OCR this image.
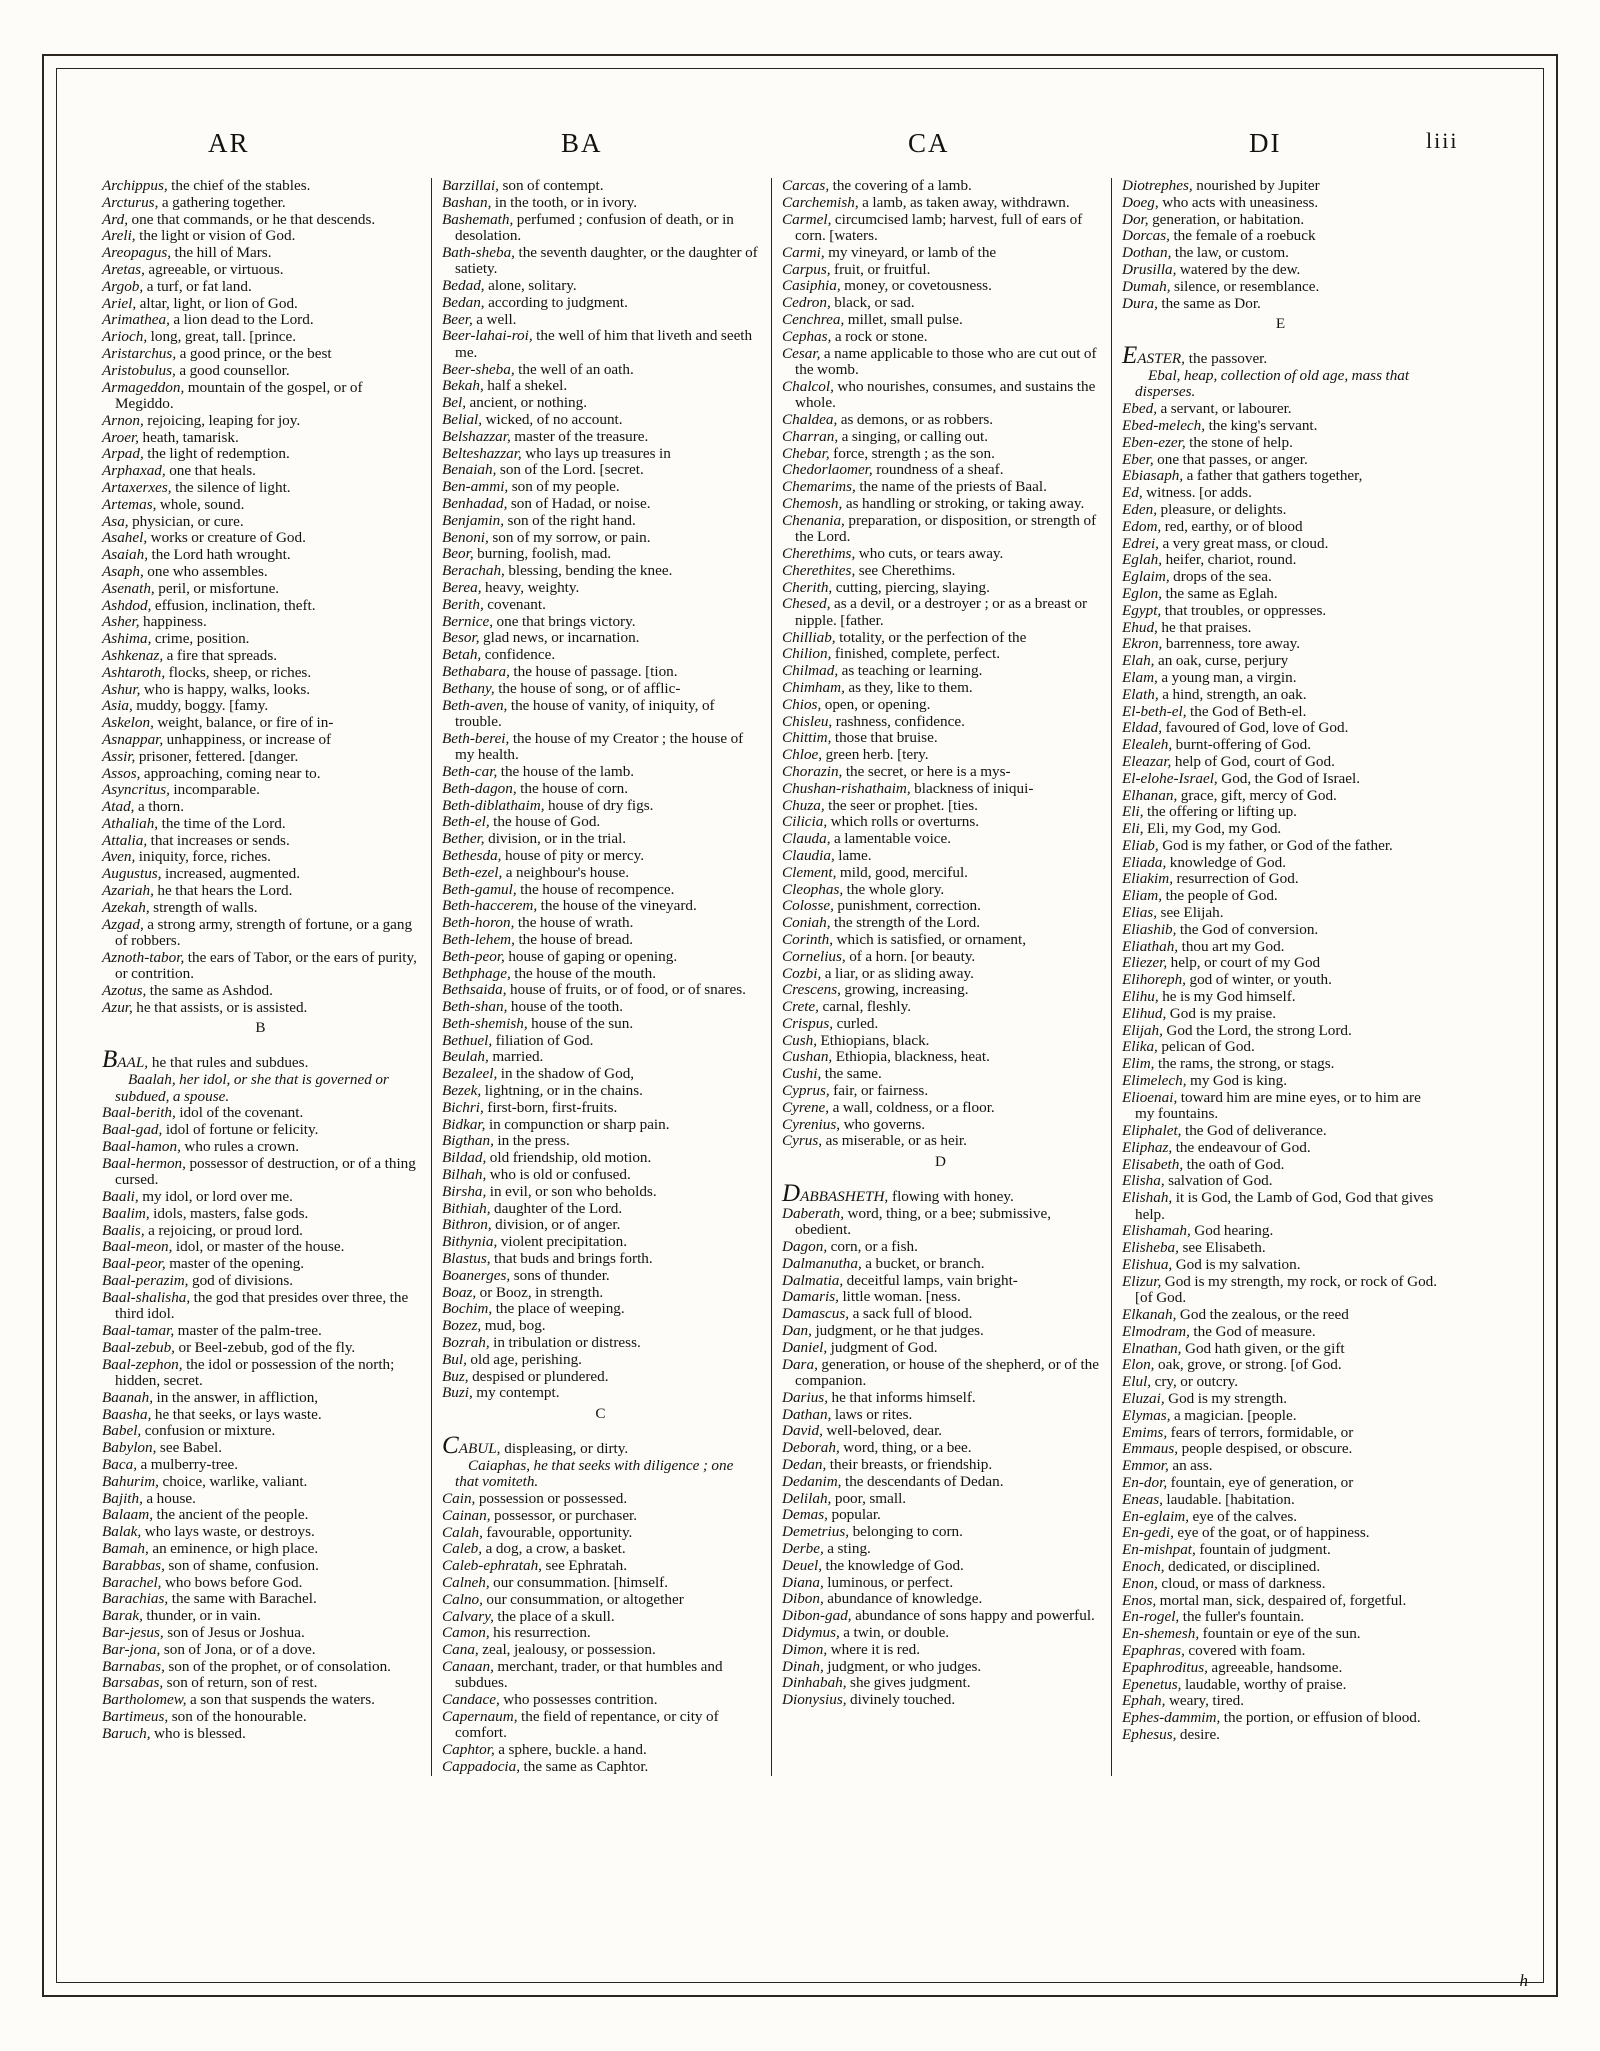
AR	BA	CA	DI	liii

Archippus, the chief of the stables.

Arcturus, a gathering together.

Ard, one that commands, or he that descends.

Areli, the light or vision of God.

Areopagus, the hill of Mars.

Aretas, agreeable, or virtuous.

Argob, a turf, or fat land.

Ariel, altar, light, or lion of God.

Arimathea, a lion dead to the Lord.

Arioch, long, great, tall. [prince.

Aristarchus, a good prince, or the best

Aristobulus, a good counsellor.

Armageddon, mountain of the gospel, or of Megiddo.

Arnon, rejoicing, leaping for joy.

Aroer, heath, tamarisk.

Arpad, the light of redemption.

Arphaxad, one that heals.

Artaxerxes, the silence of light.

Artemas, whole, sound.

Asa, physician, or cure.

Asahel, works or creature of God.

Asaiah, the Lord hath wrought.

Asaph, one who assembles.

Asenath, peril, or misfortune.

Ashdod, effusion, inclination, theft.

Asher, happiness.

Ashima, crime, position.

Ashkenaz, a fire that spreads.

Ashtaroth, flocks, sheep, or riches.

Ashur, who is happy, walks, looks.

Asia, muddy, boggy. [famy.

Askelon, weight, balance, or fire of in-

Asnappar, unhappiness, or increase of

Assir, prisoner, fettered. [danger.

Assos, approaching, coming near to.

Asyncritus, incomparable.

Atad, a thorn.

Athaliah, the time of the Lord.

Attalia, that increases or sends.

Aven, iniquity, force, riches.

Augustus, increased, augmented.

Azariah, he that hears the Lord.

Azekah, strength of walls.

Azgad, a strong army, strength of fortune, or a gang of robbers.

Aznoth-tabor, the ears of Tabor, or the ears of purity, or contrition.

Azotus, the same as Ashdod.

Azur, he that assists, or is assisted.

B

BAAL, he that rules and subdues.

Baalah, her idol, or she that is governed or subdued, a spouse.

Baal-berith, idol of the covenant.

Baal-gad, idol of fortune or felicity.

Baal-hamon, who rules a crown.

Baal-hermon, possessor of destruction, or of a thing cursed.

Baali, my idol, or lord over me.

Baalim, idols, masters, false gods.

Baalis, a rejoicing, or proud lord.

Baal-meon, idol, or master of the house.

Baal-peor, master of the opening.

Baal-perazim, god of divisions.

Baal-shalisha, the god that presides over three, the third idol.

Baal-tamar, master of the palm-tree.

Baal-zebub, or Beel-zebub, god of the fly.

Baal-zephon, the idol or possession of the north; hidden, secret.

Baanah, in the answer, in affliction,

Baasha, he that seeks, or lays waste.

Babel, confusion or mixture.

Babylon, see Babel.

Baca, a mulberry-tree.

Bahurim, choice, warlike, valiant.

Bajith, a house.

Balaam, the ancient of the people.

Balak, who lays waste, or destroys.

Bamah, an eminence, or high place.

Barabbas, son of shame, confusion.

Barachel, who bows before God.

Barachias, the same with Barachel.

Barak, thunder, or in vain.

Bar-jesus, son of Jesus or Joshua.

Bar-jona, son of Jona, or of a dove.

Barnabas, son of the prophet, or of consolation.

Barsabas, son of return, son of rest.

Bartholomew, a son that suspends the waters.

Bartimeus, son of the honourable.

Baruch, who is blessed.

Barzillai, son of contempt.

Bashan, in the tooth, or in ivory.

Bashemath, perfumed ; confusion of death, or in desolation.

Bath-sheba, the seventh daughter, or the daughter of satiety.

Bedad, alone, solitary.

Bedan, according to judgment.

Beer, a well.

Beer-lahai-roi, the well of him that liveth and seeth me.

Beer-sheba, the well of an oath.

Bekah, half a shekel.

Bel, ancient, or nothing.

Belial, wicked, of no account.

Belshazzar, master of the treasure.

Belteshazzar, who lays up treasures in

Benaiah, son of the Lord. [secret.

Ben-ammi, son of my people.

Benhadad, son of Hadad, or noise.

Benjamin, son of the right hand.

Benoni, son of my sorrow, or pain.

Beor, burning, foolish, mad.

Berachah, blessing, bending the knee.

Berea, heavy, weighty.

Berith, covenant.

Bernice, one that brings victory.

Besor, glad news, or incarnation.

Betah, confidence.

Bethabara, the house of passage. [tion.

Bethany, the house of song, or of afflic-

Beth-aven, the house of vanity, of iniquity, of trouble.

Beth-berei, the house of my Creator ; the house of my health.

Beth-car, the house of the lamb.

Beth-dagon, the house of corn.

Beth-diblathaim, house of dry figs.

Beth-el, the house of God.

Bether, division, or in the trial.

Bethesda, house of pity or mercy.

Beth-ezel, a neighbour's house.

Beth-gamul, the house of recompence.

Beth-haccerem, the house of the vineyard.

Beth-horon, the house of wrath.

Beth-lehem, the house of bread.

Beth-peor, house of gaping or opening.

Bethphage, the house of the mouth.

Bethsaida, house of fruits, or of food, or of snares.

Beth-shan, house of the tooth.

Beth-shemish, house of the sun.

Bethuel, filiation of God.

Beulah, married.

Bezaleel, in the shadow of God,

Bezek, lightning, or in the chains.

Bichri, first-born, first-fruits.

Bidkar, in compunction or sharp pain.

Bigthan, in the press.

Bildad, old friendship, old motion.

Bilhah, who is old or confused.

Birsha, in evil, or son who beholds.

Bithiah, daughter of the Lord.

Bithron, division, or of anger.

Bithynia, violent precipitation.

Blastus, that buds and brings forth.

Boanerges, sons of thunder.

Boaz, or Booz, in strength.

Bochim, the place of weeping.

Bozez, mud, bog.

Bozrah, in tribulation or distress.

Bul, old age, perishing.

Buz, despised or plundered.

Buzi, my contempt.

C

CABUL, displeasing, or dirty.

Caiaphas, he that seeks with diligence ; one that vomiteth.

Cain, possession or possessed.

Cainan, possessor, or purchaser.

Calah, favourable, opportunity.

Caleb, a dog, a crow, a basket.

Caleb-ephratah, see Ephratah.

Calneh, our consummation. [himself.

Calno, our consummation, or altogether

Calvary, the place of a skull.

Camon, his resurrection.

Cana, zeal, jealousy, or possession.

Canaan, merchant, trader, or that humbles and subdues.

Candace, who possesses contrition.

Capernaum, the field of repentance, or city of comfort.

Caphtor, a sphere, buckle. a hand.

Cappadocia, the same as Caphtor.

Carcas, the covering of a lamb.

Carchemish, a lamb, as taken away, withdrawn.

Carmel, circumcised lamb; harvest, full of ears of corn. [waters.

Carmi, my vineyard, or lamb of the

Carpus, fruit, or fruitful.

Casiphia, money, or covetousness.

Cedron, black, or sad.

Cenchrea, millet, small pulse.

Cephas, a rock or stone.

Cesar, a name applicable to those who are cut out of the womb.

Chalcol, who nourishes, consumes, and sustains the whole.

Chaldea, as demons, or as robbers.

Charran, a singing, or calling out.

Chebar, force, strength ; as the son.

Chedorlaomer, roundness of a sheaf.

Chemarims, the name of the priests of Baal.

Chemosh, as handling or stroking, or taking away.

Chenania, preparation, or disposition, or strength of the Lord.

Cherethims, who cuts, or tears away.

Cherethites, see Cherethims.

Cherith, cutting, piercing, slaying.

Chesed, as a devil, or a destroyer ; or as a breast or nipple. [father.

Chilliab, totality, or the perfection of the

Chilion, finished, complete, perfect.

Chilmad, as teaching or learning.

Chimham, as they, like to them.

Chios, open, or opening.

Chisleu, rashness, confidence.

Chittim, those that bruise.

Chloe, green herb. [tery.

Chorazin, the secret, or here is a mys-

Chushan-rishathaim, blackness of iniqui-

Chuza, the seer or prophet. [ties.

Cilicia, which rolls or overturns.

Clauda, a lamentable voice.

Claudia, lame.

Clement, mild, good, merciful.

Cleophas, the whole glory.

Colosse, punishment, correction.

Coniah, the strength of the Lord.

Corinth, which is satisfied, or ornament,

Cornelius, of a horn. [or beauty.

Cozbi, a liar, or as sliding away.

Crescens, growing, increasing.

Crete, carnal, fleshly.

Crispus, curled.

Cush, Ethiopians, black.

Cushan, Ethiopia, blackness, heat.

Cushi, the same.

Cyprus, fair, or fairness.

Cyrene, a wall, coldness, or a floor.

Cyrenius, who governs.

Cyrus, as miserable, or as heir.

D

DABBASHETH, flowing with honey.

Daberath, word, thing, or a bee; submissive, obedient.

Dagon, corn, or a fish.

Dalmanutha, a bucket, or branch.

Dalmatia, deceitful lamps, vain bright-

Damaris, little woman. [ness.

Damascus, a sack full of blood.

Dan, judgment, or he that judges.

Daniel, judgment of God.

Dara, generation, or house of the shepherd, or of the companion.

Darius, he that informs himself.

Dathan, laws or rites.

David, well-beloved, dear.

Deborah, word, thing, or a bee.

Dedan, their breasts, or friendship.

Dedanim, the descendants of Dedan.

Delilah, poor, small.

Demas, popular.

Demetrius, belonging to corn.

Derbe, a sting.

Deuel, the knowledge of God.

Diana, luminous, or perfect.

Dibon, abundance of knowledge.

Dibon-gad, abundance of sons happy and powerful.

Didymus, a twin, or double.

Dimon, where it is red.

Dinah, judgment, or who judges.

Dinhabah, she gives judgment.

Dionysius, divinely touched.

Diotrephes, nourished by Jupiter

Doeg, who acts with uneasiness.

Dor, generation, or habitation.

Dorcas, the female of a roebuck

Dothan, the law, or custom.

Drusilla, watered by the dew.

Dumah, silence, or resemblance.

Dura, the same as Dor.

E

EASTER, the passover.

Ebal, heap, collection of old age, mass that disperses.

Ebed, a servant, or labourer.

Ebed-melech, the king's servant.

Eben-ezer, the stone of help.

Eber, one that passes, or anger.

Ebiasaph, a father that gathers together,

Ed, witness. [or adds.

Eden, pleasure, or delights.

Edom, red, earthy, or of blood

Edrei, a very great mass, or cloud.

Eglah, heifer, chariot, round.

Eglaim, drops of the sea.

Eglon, the same as Eglah.

Egypt, that troubles, or oppresses.

Ehud, he that praises.

Ekron, barrenness, tore away.

Elah, an oak, curse, perjury

Elam, a young man, a virgin.

Elath, a hind, strength, an oak.

El-beth-el, the God of Beth-el.

Eldad, favoured of God, love of God.

Elealeh, burnt-offering of God.

Eleazar, help of God, court of God.

El-elohe-Israel, God, the God of Israel.

Elhanan, grace, gift, mercy of God.

Eli, the offering or lifting up.

Eli, Eli, my God, my God.

Eliab, God is my father, or God of the father.

Eliada, knowledge of God.

Eliakim, resurrection of God.

Eliam, the people of God.

Elias, see Elijah.

Eliashib, the God of conversion.

Eliathah, thou art my God.

Eliezer, help, or court of my God

Elihoreph, god of winter, or youth.

Elihu, he is my God himself.

Elihud, God is my praise.

Elijah, God the Lord, the strong Lord.

Elika, pelican of God.

Elim, the rams, the strong, or stags.

Elimelech, my God is king.

Elioenai, toward him are mine eyes, or to him are my fountains.

Eliphalet, the God of deliverance.

Eliphaz, the endeavour of God.

Elisabeth, the oath of God.

Elisha, salvation of God.

Elishah, it is God, the Lamb of God, God that gives help.

Elishamah, God hearing.

Elisheba, see Elisabeth.

Elishua, God is my salvation.

Elizur, God is my strength, my rock, or rock of God. [of God.

Elkanah, God the zealous, or the reed

Elmodram, the God of measure.

Elnathan, God hath given, or the gift

Elon, oak, grove, or strong. [of God.

Elul, cry, or outcry.

Eluzai, God is my strength.

Elymas, a magician. [people.

Emims, fears of terrors, formidable, or

Emmaus, people despised, or obscure.

Emmor, an ass.

En-dor, fountain, eye of generation, or

Eneas, laudable. [habitation.

En-eglaim, eye of the calves.

En-gedi, eye of the goat, or of happiness.

En-mishpat, fountain of judgment.

Enoch, dedicated, or disciplined.

Enon, cloud, or mass of darkness.

Enos, mortal man, sick, despaired of, forgetful.

En-rogel, the fuller's fountain.

En-shemesh, fountain or eye of the sun.

Epaphras, covered with foam.

Epaphroditus, agreeable, handsome.

Epenetus, laudable, worthy of praise.

Ephah, weary, tired.

Ephes-dammim, the portion, or effusion of blood.

Ephesus, desire.

h
